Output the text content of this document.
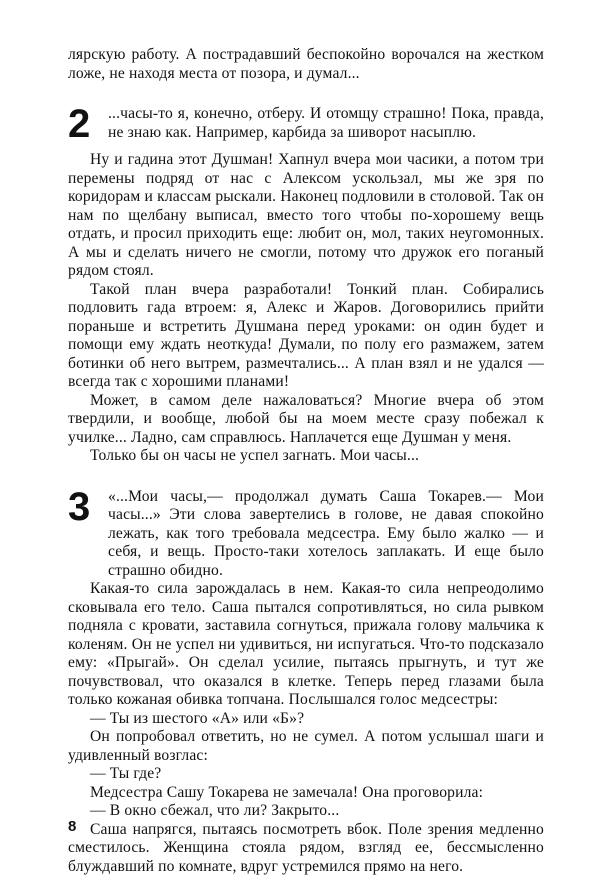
лярскую работу. А пострадавший беспокойно ворочался на жестком ложе, не находя места от позора, и думал...

2	...часы-то я, конечно, отберу. И отомщу страшно! Пока, правда, не знаю как. Например, карбида за шиворот насыплю.

Ну и гадина этот Душман! Хапнул вчера мои часики, а потом три перемены подряд от нас с Алексом ускользал, мы же зря по коридорам и классам рыскали. Наконец подловили в столовой. Так он нам по щелбану выписал, вместо того чтобы по-хорошему вещь отдать, и просил приходить еще: любит он, мол, таких неугомонных. А мы и сделать ничего не смогли, потому что дружок его поганый рядом стоял.

Такой план вчера разработали! Тонкий план. Собирались подловить гада втроем: я, Алекс и Жаров. Договорились прийти пораньше и встретить Душмана перед уроками: он один будет и помощи ему ждать неоткуда! Думали, по полу его размажем, затем ботинки об него вытрем, размечтались... А план взял и не удался — всегда так с хорошими планами!

Может, в самом деле нажаловаться? Многие вчера об этом твердили, и вообще, любой бы на моем месте сразу побежал к училке... Ладно, сам справлюсь. Наплачется еще Душман у меня.

Только бы он часы не успел загнать. Мои часы...

3	«...Мои часы,— продолжал думать Саша Токарев.— Мои часы...» Эти слова завертелись в голове, не давая спокойно лежать, как того требовала медсестра. Ему было жалко — и себя, и вещь. Просто-таки хотелось заплакать. И еще было страшно обидно.

Какая-то сила зарождалась в нем. Какая-то сила непреодолимо сковывала его тело. Саша пытался сопротивляться, но сила рывком подняла с кровати, заставила согнуться, прижала голову мальчика к коленям. Он не успел ни удивиться, ни испугаться. Что-то подсказало ему: «Прыгай». Он сделал усилие, пытаясь прыгнуть, и тут же почувствовал, что оказался в клетке. Теперь перед глазами была только кожаная обивка топчана. Послышался голос медсестры:

— Ты из шестого «А» или «Б»?

Он попробовал ответить, но не сумел. А потом услышал шаги и удивленный возглас:

— Ты где?

Медсестра Сашу Токарева не замечала! Она проговорила:

— В окно сбежал, что ли? Закрыто...

Саша напрягся, пытаясь посмотреть вбок. Поле зрения медленно сместилось. Женщина стояла рядом, взгляд ее, бессмысленно блуждавший по комнате, вдруг устремился прямо на него.

8
